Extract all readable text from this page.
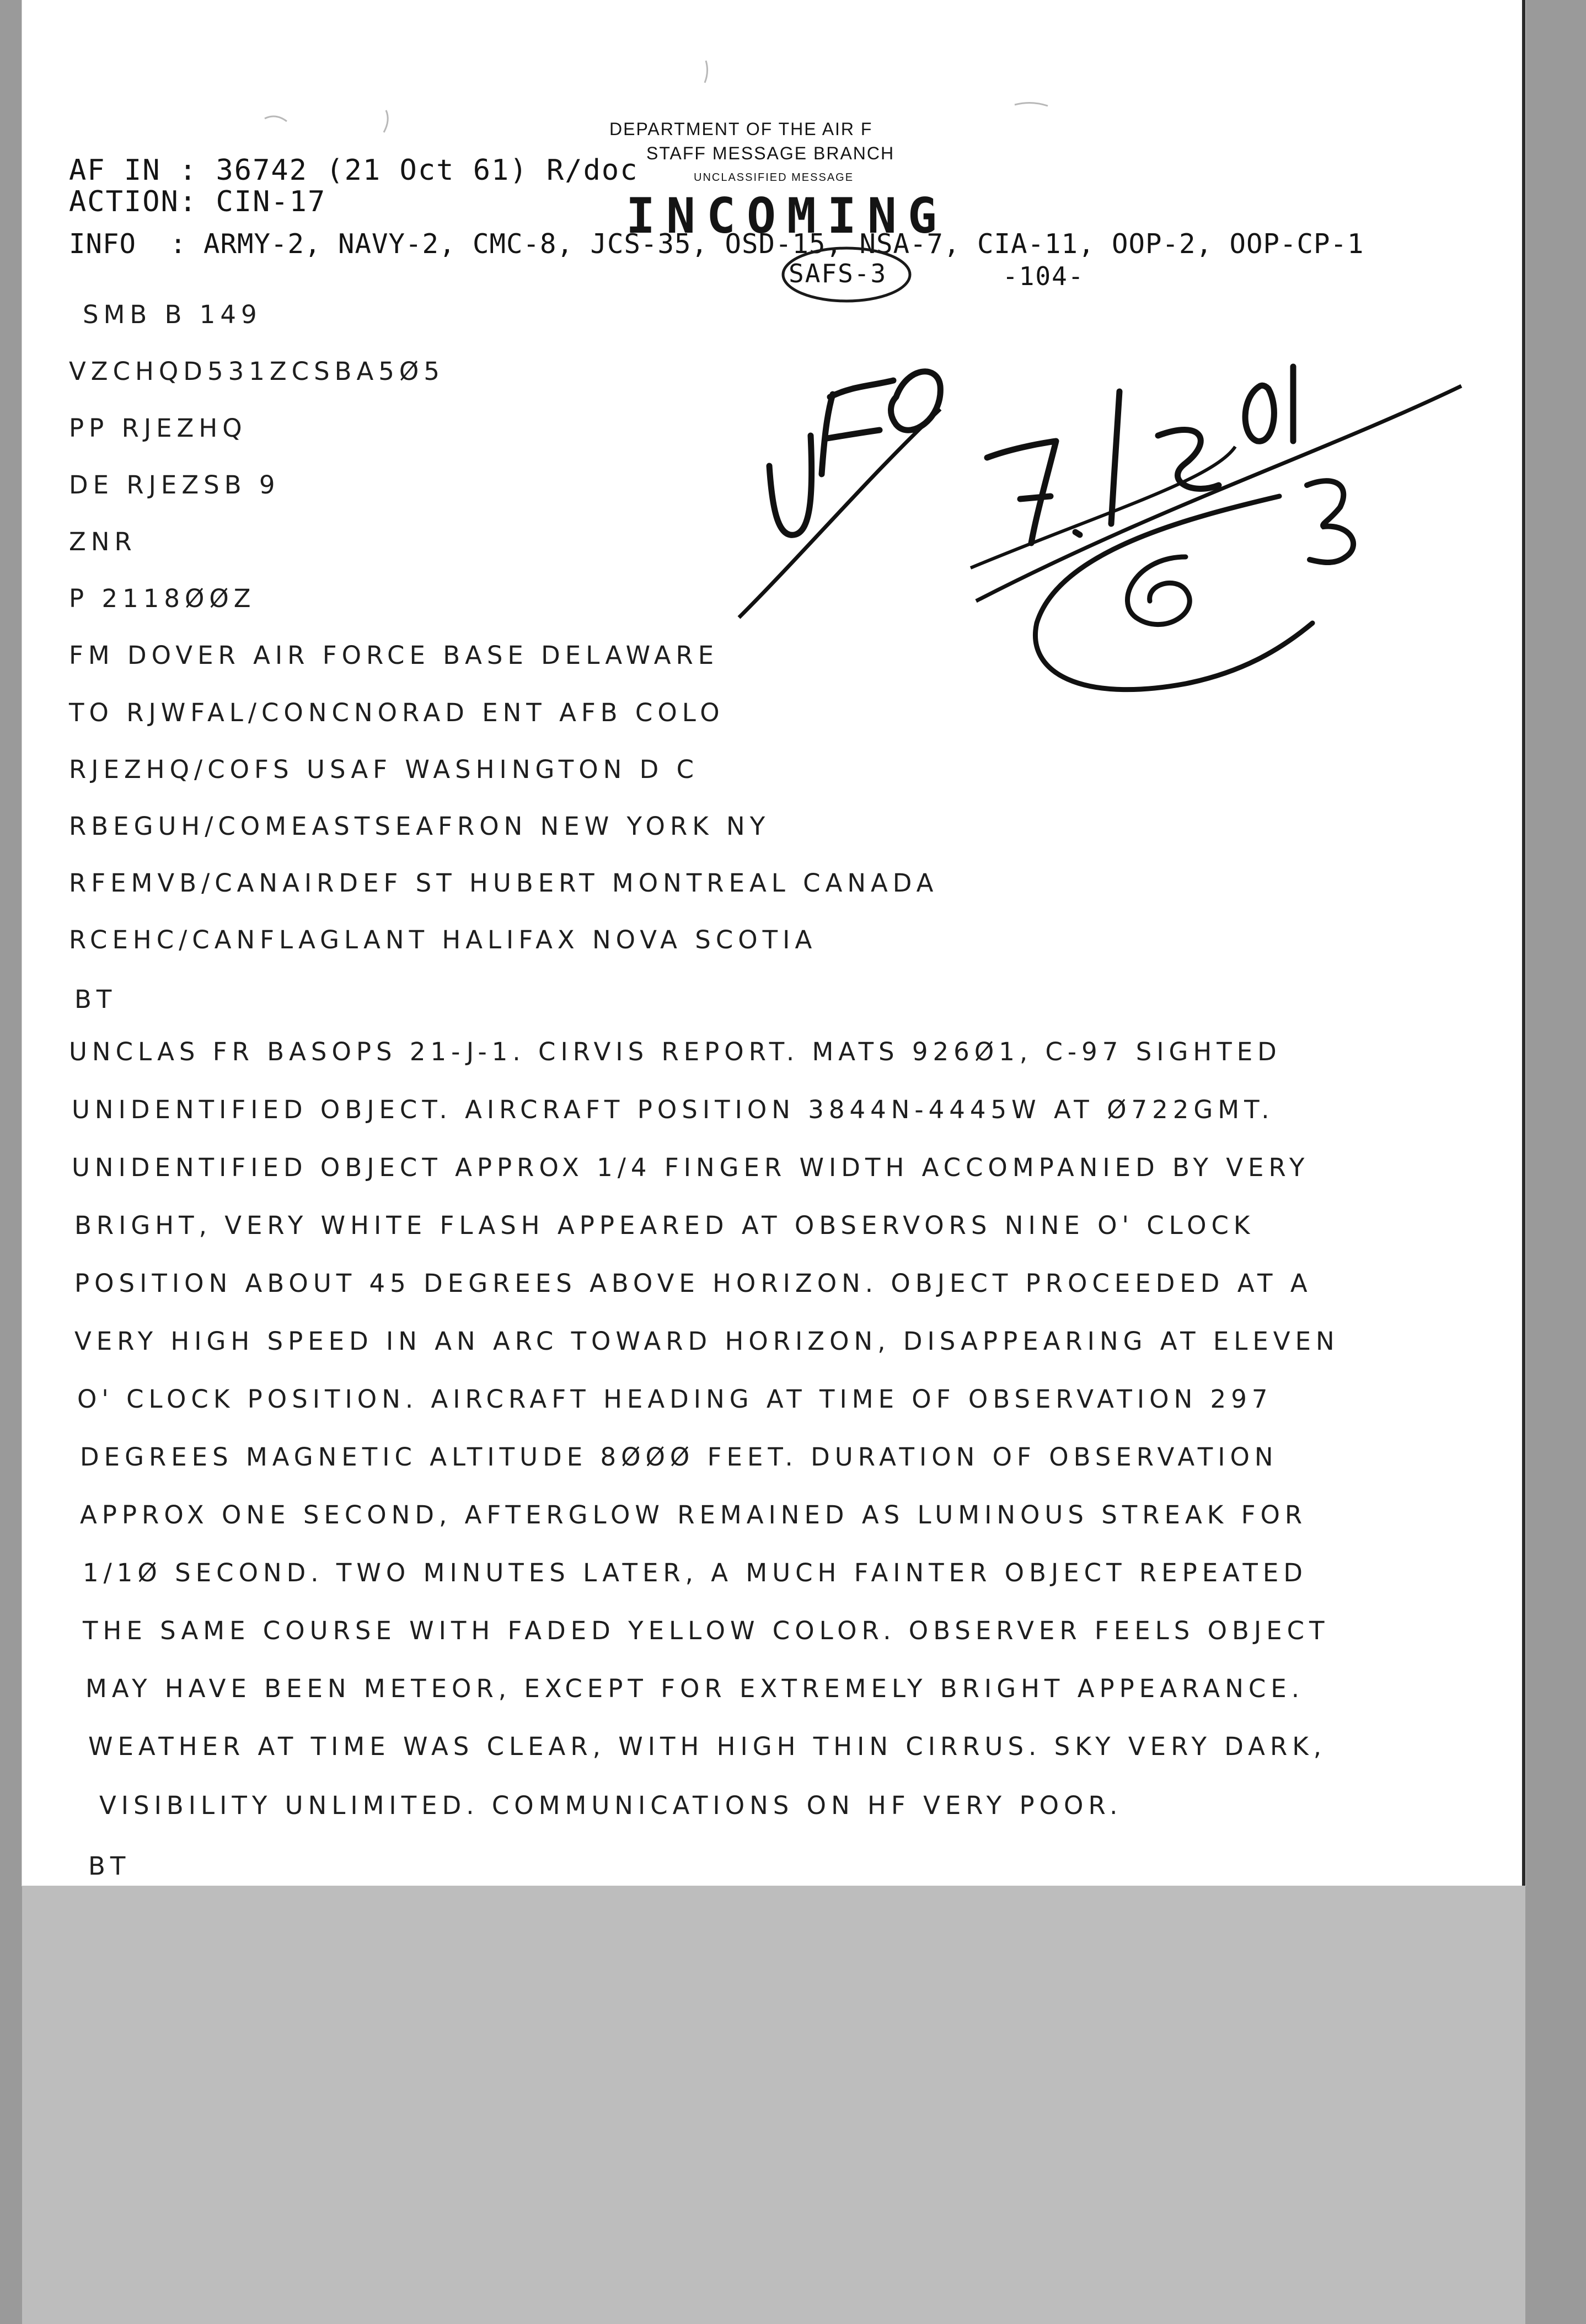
DEPARTMENT OF THE AIR F
STAFF MESSAGE BRANCH
UNCLASSIFIED MESSAGE
INCOMING
AF IN : 36742 (21 Oct 61) R/doc
ACTION: CIN-17
INFO  : ARMY-2, NAVY-2, CMC-8, JCS-35, OSD-15, NSA-7, CIA-11, OOP-2, OOP-CP-1
SAFS-3	-104-
SMB B 149
VZCHQD531ZCSBA5Ø5
PP RJEZHQ
DE RJEZSB 9
ZNR
P 2118ØØZ
FM DOVER AIR FORCE BASE DELAWARE
TO RJWFAL/CONCNORAD ENT AFB COLO
RJEZHQ/COFS USAF WASHINGTON D C
RBEGUH/COMEASTSEAFRON NEW YORK NY
RFEMVB/CANAIRDEF ST HUBERT MONTREAL CANADA
RCEHC/CANFLAGLANT HALIFAX NOVA SCOTIA
BT
UNCLAS FR BASOPS 21-J-1. CIRVIS REPORT. MATS 926Ø1, C-97 SIGHTED
UNIDENTIFIED OBJECT. AIRCRAFT POSITION 3844N-4445W AT Ø722GMT.
UNIDENTIFIED OBJECT APPROX 1/4 FINGER WIDTH ACCOMPANIED BY VERY
BRIGHT, VERY WHITE FLASH APPEARED AT OBSERVORS NINE O' CLOCK
POSITION ABOUT 45 DEGREES ABOVE HORIZON. OBJECT PROCEEDED AT A
VERY HIGH SPEED IN AN ARC TOWARD HORIZON, DISAPPEARING AT ELEVEN
O' CLOCK POSITION. AIRCRAFT HEADING AT TIME OF OBSERVATION 297
DEGREES MAGNETIC ALTITUDE 8ØØØ FEET. DURATION OF OBSERVATION
APPROX ONE SECOND, AFTERGLOW REMAINED AS LUMINOUS STREAK FOR
1/1Ø SECOND. TWO MINUTES LATER, A MUCH FAINTER OBJECT REPEATED
THE SAME COURSE WITH FADED YELLOW COLOR. OBSERVER FEELS OBJECT
MAY HAVE BEEN METEOR, EXCEPT FOR EXTREMELY BRIGHT APPEARANCE.
WEATHER AT TIME WAS CLEAR, WITH HIGH THIN CIRRUS. SKY VERY DARK,
VISIBILITY UNLIMITED. COMMUNICATIONS ON HF VERY POOR.
BT
